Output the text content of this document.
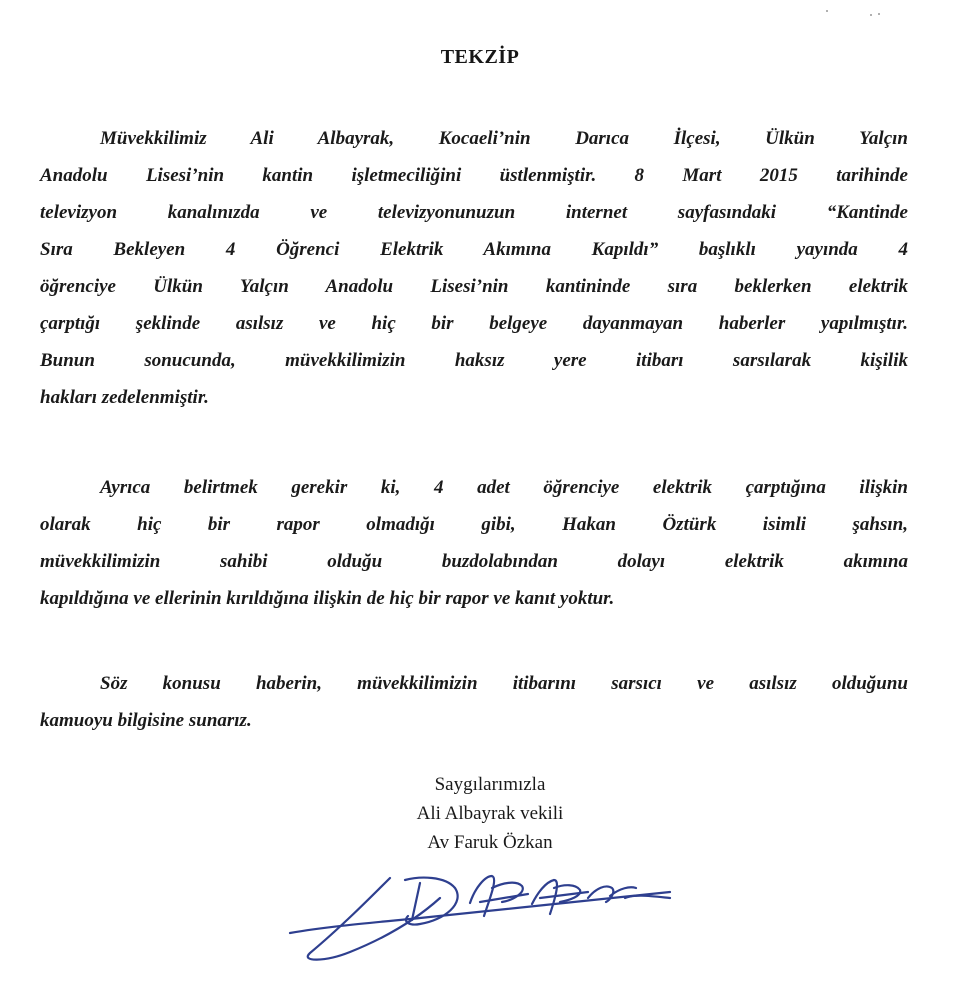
TEKZİP
Müvekkilimiz Ali Albayrak, Kocaeli’nin Darıca İlçesi, Ülkün Yalçın
Anadolu Lisesi’nin kantin işletmeciliğini üstlenmiştir. 8 Mart 2015 tarihinde
televizyon kanalınızda ve televizyonunuzun internet sayfasındaki “Kantinde
Sıra Bekleyen 4 Öğrenci Elektrik Akımına Kapıldı” başlıklı yayında 4
öğrenciye Ülkün Yalçın Anadolu Lisesi’nin kantininde sıra beklerken elektrik
çarptığı şeklinde asılsız ve hiç bir belgeye dayanmayan haberler yapılmıştır.
Bunun sonucunda, müvekkilimizin haksız yere itibarı sarsılarak kişilik
hakları zedelenmiştir.
Ayrıca belirtmek gerekir ki, 4 adet öğrenciye elektrik çarptığına ilişkin
olarak hiç bir rapor olmadığı gibi, Hakan Öztürk isimli şahsın,
müvekkilimizin sahibi olduğu buzdolabından dolayı elektrik akımına
kapıldığına ve ellerinin kırıldığına ilişkin de hiç bir rapor ve kanıt yoktur.
Söz konusu haberin, müvekkilimizin itibarını sarsıcı ve asılsız olduğunu
kamuoyu bilgisine sunarız.
Saygılarımızla
Ali Albayrak vekili
Av Faruk Özkan
